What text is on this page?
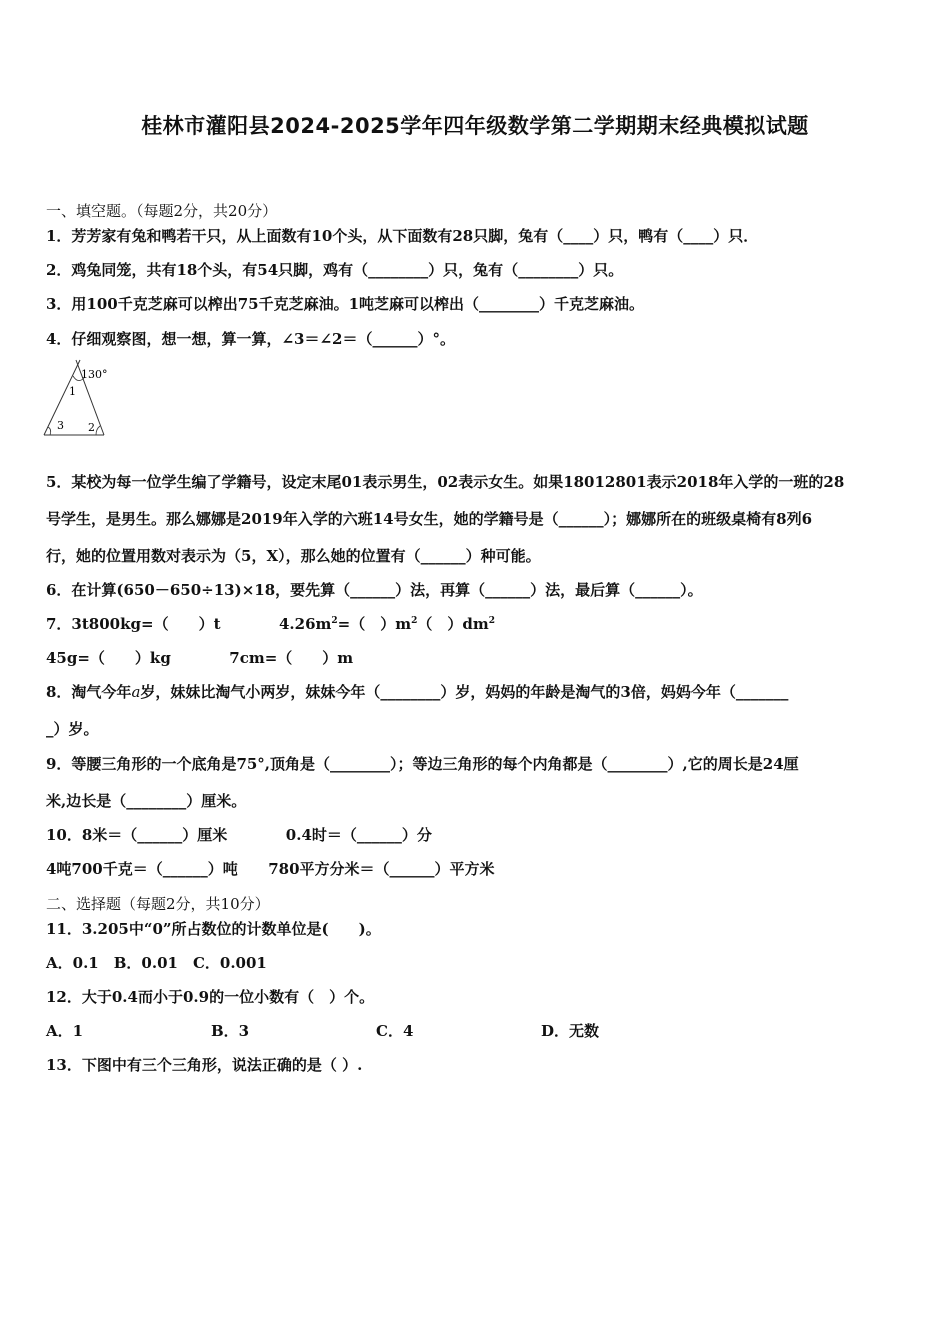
桂林市灌阳县2024-2025学年四年级数学第二学期期末经典模拟试题
一、填空题。（每题2分，共20分）
1．芳芳家有兔和鸭若干只，从上面数有10个头，从下面数有28只脚，兔有（____）只，鸭有（____）只．
2．鸡兔同笼，共有18个头，有54只脚，鸡有（________）只，兔有（________）只。
3．用100千克芝麻可以榨出75千克芝麻油。1吨芝麻可以榨出（________）千克芝麻油。
4．仔细观察图，想一想，算一算，∠3＝∠2＝（______）°。
130°
1
3 2
5．某校为每一位学生编了学籍号，设定末尾01表示男生，02表示女生。如果18012801表示2018年入学的一班的28
号学生，是男生。那么娜娜是2019年入学的六班14号女生，她的学籍号是（______）；娜娜所在的班级桌椅有8列6
行，她的位置用数对表示为（5，X），那么她的位置有（______）种可能。
6．在计算(650－650÷13)×18，要先算（______）法，再算（______）法，最后算（______）。
7．3t800kg=（　　）t	$4.26m^2=$（　）$m^2$（　）$dm^2$
45g=（　　）kg	7cm=（　　）m
8．淘气今年a岁，妹妹比淘气小两岁，妹妹今年（________）岁，妈妈的年龄是淘气的3倍，妈妈今年（_______
_）岁。
9．等腰三角形的一个底角是75°,顶角是（________）；等边三角形的每个内角都是（________）,它的周长是24厘
米,边长是（________）厘米。
10．8米＝（______）厘米	0.4时＝（______）分
4吨700千克＝（______）吨 780平方分米＝（______）平方米
二、选择题（每题2分，共10分）
11．3.205中“0”所占数位的计数单位是(　　)。
A．0.1　B．0.01　C．0.001
12．大于0.4而小于0.9的一位小数有（　）个。
A．1	B．3	C．4	D．无数
13．下图中有三个三角形，说法正确的是（ ）.
